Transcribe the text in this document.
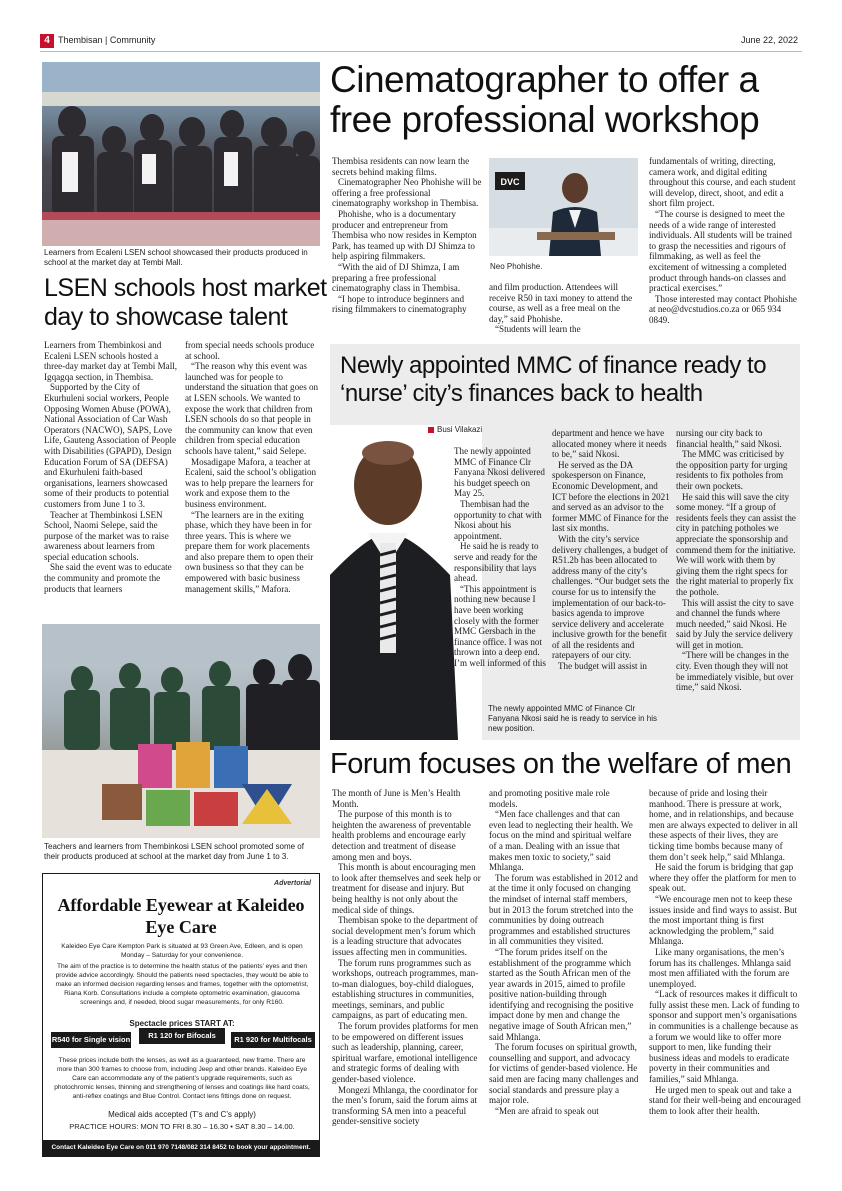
4 Thembisan | Community	June 22, 2022
Learners from Ecaleni LSEN school showcased their products produced in school at the market day at Tembi Mall.
LSEN schools host market day to showcase talent

Learners from Thembinkosi and Ecaleni LSEN schools hosted a three-day market day at Tembi Mall, Igqagqa section, in Thembisa.

Supported by the City of Ekurhuleni social workers, People Opposing Women Abuse (POWA), National Association of Car Wash Operators (NACWO), SAPS, Love Life, Gauteng Association of People with Disabilities (GPAPD), Design Education Forum of SA (DEFSA) and Ekurhuleni faith-based organisations, learners showcased some of their products to potential customers from June 1 to 3.

Teacher at Thembinkosi LSEN School, Naomi Selepe, said the purpose of the market was to raise awareness about learners from special education schools.

She said the event was to educate the community and promote the products that learners

from special needs schools produce at school.

“The reason why this event was launched was for people to understand the situation that goes on at LSEN schools. We wanted to expose the work that children from LSEN schools do so that people in the community can know that even children from special education schools have talent,” said Selepe.

Mosadigape Mafora, a teacher at Ecaleni, said the school’s obligation was to help prepare the learners for work and expose them to the business environment.

“The learners are in the exiting phase, which they have been in for three years. This is where we prepare them for work placements and also prepare them to open their own business so that they can be empowered with basic business management skills,” Mafora.

Teachers and learners from Thembinkosi LSEN school promoted some of their products produced at school at the market day from June 1 to 3.
Advertorial
Affordable Eyewear at Kaleideo Eye Care
Kaleideo Eye Care Kempton Park is situated at 93 Green Ave, Edleen, and is open Monday – Saturday for your convenience.
The aim of the practice is to determine the health status of the patients’ eyes and then provide advice accordingly. Should the patients need spectacles, they would be able to make an informed decision regarding lenses and frames, together with the optometrist, Riana Korb. Consultations include a complete optometric examination, glaucoma screenings and, if needed, blood sugar measurements, for only R160.
Spectacle prices START AT:
R540 for Single vision	R1 120 for Bifocals	R1 920 for Multifocals
These prices include both the lenses, as well as a guaranteed, new frame. There are more than 300 frames to choose from, including Jeep and other brands. Kaleideo Eye Care can accommodate any of the patient’s upgrade requirements, such as photochromic lenses, thinning and strengthening of lenses and coatings like hard coats, anti-reflex coatings and Blue Control. Contact lens fittings done on request.
Medical aids accepted (T’s and C’s apply)
PRACTICE HOURS: MON TO FRI 8.30 – 16.30 • SAT 8.30 – 14.00.
Contact Kaleideo Eye Care on 011 970 7148/082 314 8452 to book your appointment.
Cinematographer to offer a free professional workshop

Thembisa residents can now learn the secrets behind making films.

Cinematographer Neo Phohishe will be offering a free professional cinematography workshop in Thembisa.

Phohishe, who is a documentary producer and entrepreneur from Thembisa who now resides in Kempton Park, has teamed up with DJ Shimza to help aspiring filmmakers.

“With the aid of DJ Shimza, I am preparing a free professional cinematography class in Thembisa.

“I hope to introduce beginners and rising filmmakers to cinematography

DVC
Neo Phohishe.

and film production. Attendees will receive R50 in taxi money to attend the course, as well as a free meal on the day,” said Phohishe.

“Students will learn the

fundamentals of writing, directing, camera work, and digital editing throughout this course, and each student will develop, direct, shoot, and edit a short film project.

“The course is designed to meet the needs of a wide range of interested individuals. All students will be trained to grasp the necessities and rigours of filmmaking, as well as feel the excitement of witnessing a completed product through hands-on classes and practical exercises.”

Those interested may contact Phohishe at neo@dvcstudios.co.za or 065 934 0849.

Newly appointed MMC of finance ready to ‘nurse’ city’s finances back to health
Busi Vilakazi

The newly appointed MMC of Finance Clr Fanyana Nkosi delivered his budget speech on May 25.

Thembisan had the opportunity to chat with Nkosi about his appointment.

He said he is ready to serve and ready for the responsibility that lays ahead.

“This appointment is nothing new because I have been working closely with the former MMC Gersbach in the finance office. I was not thrown into a deep end. I’m well informed of this

department and hence we have allocated money where it needs to be,” said Nkosi.

He served as the DA spokesperson on Finance, Economic Development, and ICT before the elections in 2021 and served as an advisor to the former MMC of Finance for the last six months.

With the city’s service delivery challenges, a budget of R51.2b has been allocated to address many of the city’s challenges. “Our budget sets the course for us to intensify the implementation of our back-to-basics agenda to improve service delivery and accelerate inclusive growth for the benefit of all the residents and ratepayers of our city.

The budget will assist in

nursing our city back to financial health,” said Nkosi.

The MMC was criticised by the opposition party for urging residents to fix potholes from their own pockets.

He said this will save the city some money. “If a group of residents feels they can assist the city in patching potholes we appreciate the sponsorship and commend them for the initiative. We will work with them by giving them the right specs for the right material to properly fix the pothole.

This will assist the city to save and channel the funds where much needed,” said Nkosi. He said by July the service delivery will get in motion.

“There will be changes in the city. Even though they will not be immediately visible, but over time,” said Nkosi.

The newly appointed MMC of Finance Clr Fanyana Nkosi said he is ready to service in his new position.
Forum focuses on the welfare of men

The month of June is Men’s Health Month.

The purpose of this month is to heighten the awareness of preventable health problems and encourage early detection and treatment of disease among men and boys.

This month is about encouraging men to look after themselves and seek help or treatment for disease and injury. But being healthy is not only about the medical side of things.

Thembisan spoke to the department of social development men’s forum which is a leading structure that advocates issues affecting men in communities.

The forum runs programmes such as workshops, outreach programmes, man-to-man dialogues, boy-child dialogues, establishing structures in communities, meetings, seminars, and public campaigns, as part of educating men.

The forum provides platforms for men to be empowered on different issues such as leadership, planning, career, spiritual warfare, emotional intelligence and strategic forms of dealing with gender-based violence.

Mongezi Mhlanga, the coordinator for the men’s forum, said the forum aims at transforming SA men into a peaceful gender-sensitive society

and promoting positive male role models.

“Men face challenges and that can even lead to neglecting their health. We focus on the mind and spiritual welfare of a man. Dealing with an issue that makes men toxic to society,” said Mhlanga.

The forum was established in 2012 and at the time it only focused on changing the mindset of internal staff members, but in 2013 the forum stretched into the communities by doing outreach programmes and established structures in all communities they visited.

“The forum prides itself on the establishment of the programme which started as the South African men of the year awards in 2015, aimed to profile positive nation-building through identifying and recognising the positive impact done by men and change the negative image of South African men,” said Mhlanga.

The forum focuses on spiritual growth, counselling and support, and advocacy for victims of gender-based violence. He said men are facing many challenges and social standards and pressure play a major role.

“Men are afraid to speak out

because of pride and losing their manhood. There is pressure at work, home, and in relationships, and because men are always expected to deliver in all these aspects of their lives, they are ticking time bombs because many of them don’t seek help,” said Mhlanga.

He said the forum is bridging that gap where they offer the platform for men to speak out.

“We encourage men not to keep these issues inside and find ways to assist. But the most important thing is first acknowledging the problem,” said Mhlanga.

Like many organisations, the men’s forum has its challenges. Mhlanga said most men affiliated with the forum are unemployed.

“Lack of resources makes it difficult to fully assist these men. Lack of funding to sponsor and support men’s organisations in communities is a challenge because as a forum we would like to offer more support to men, like funding their business ideas and models to eradicate poverty in their communities and families,” said Mhlanga.

He urged men to speak out and take a stand for their well-being and encouraged them to look after their health.
